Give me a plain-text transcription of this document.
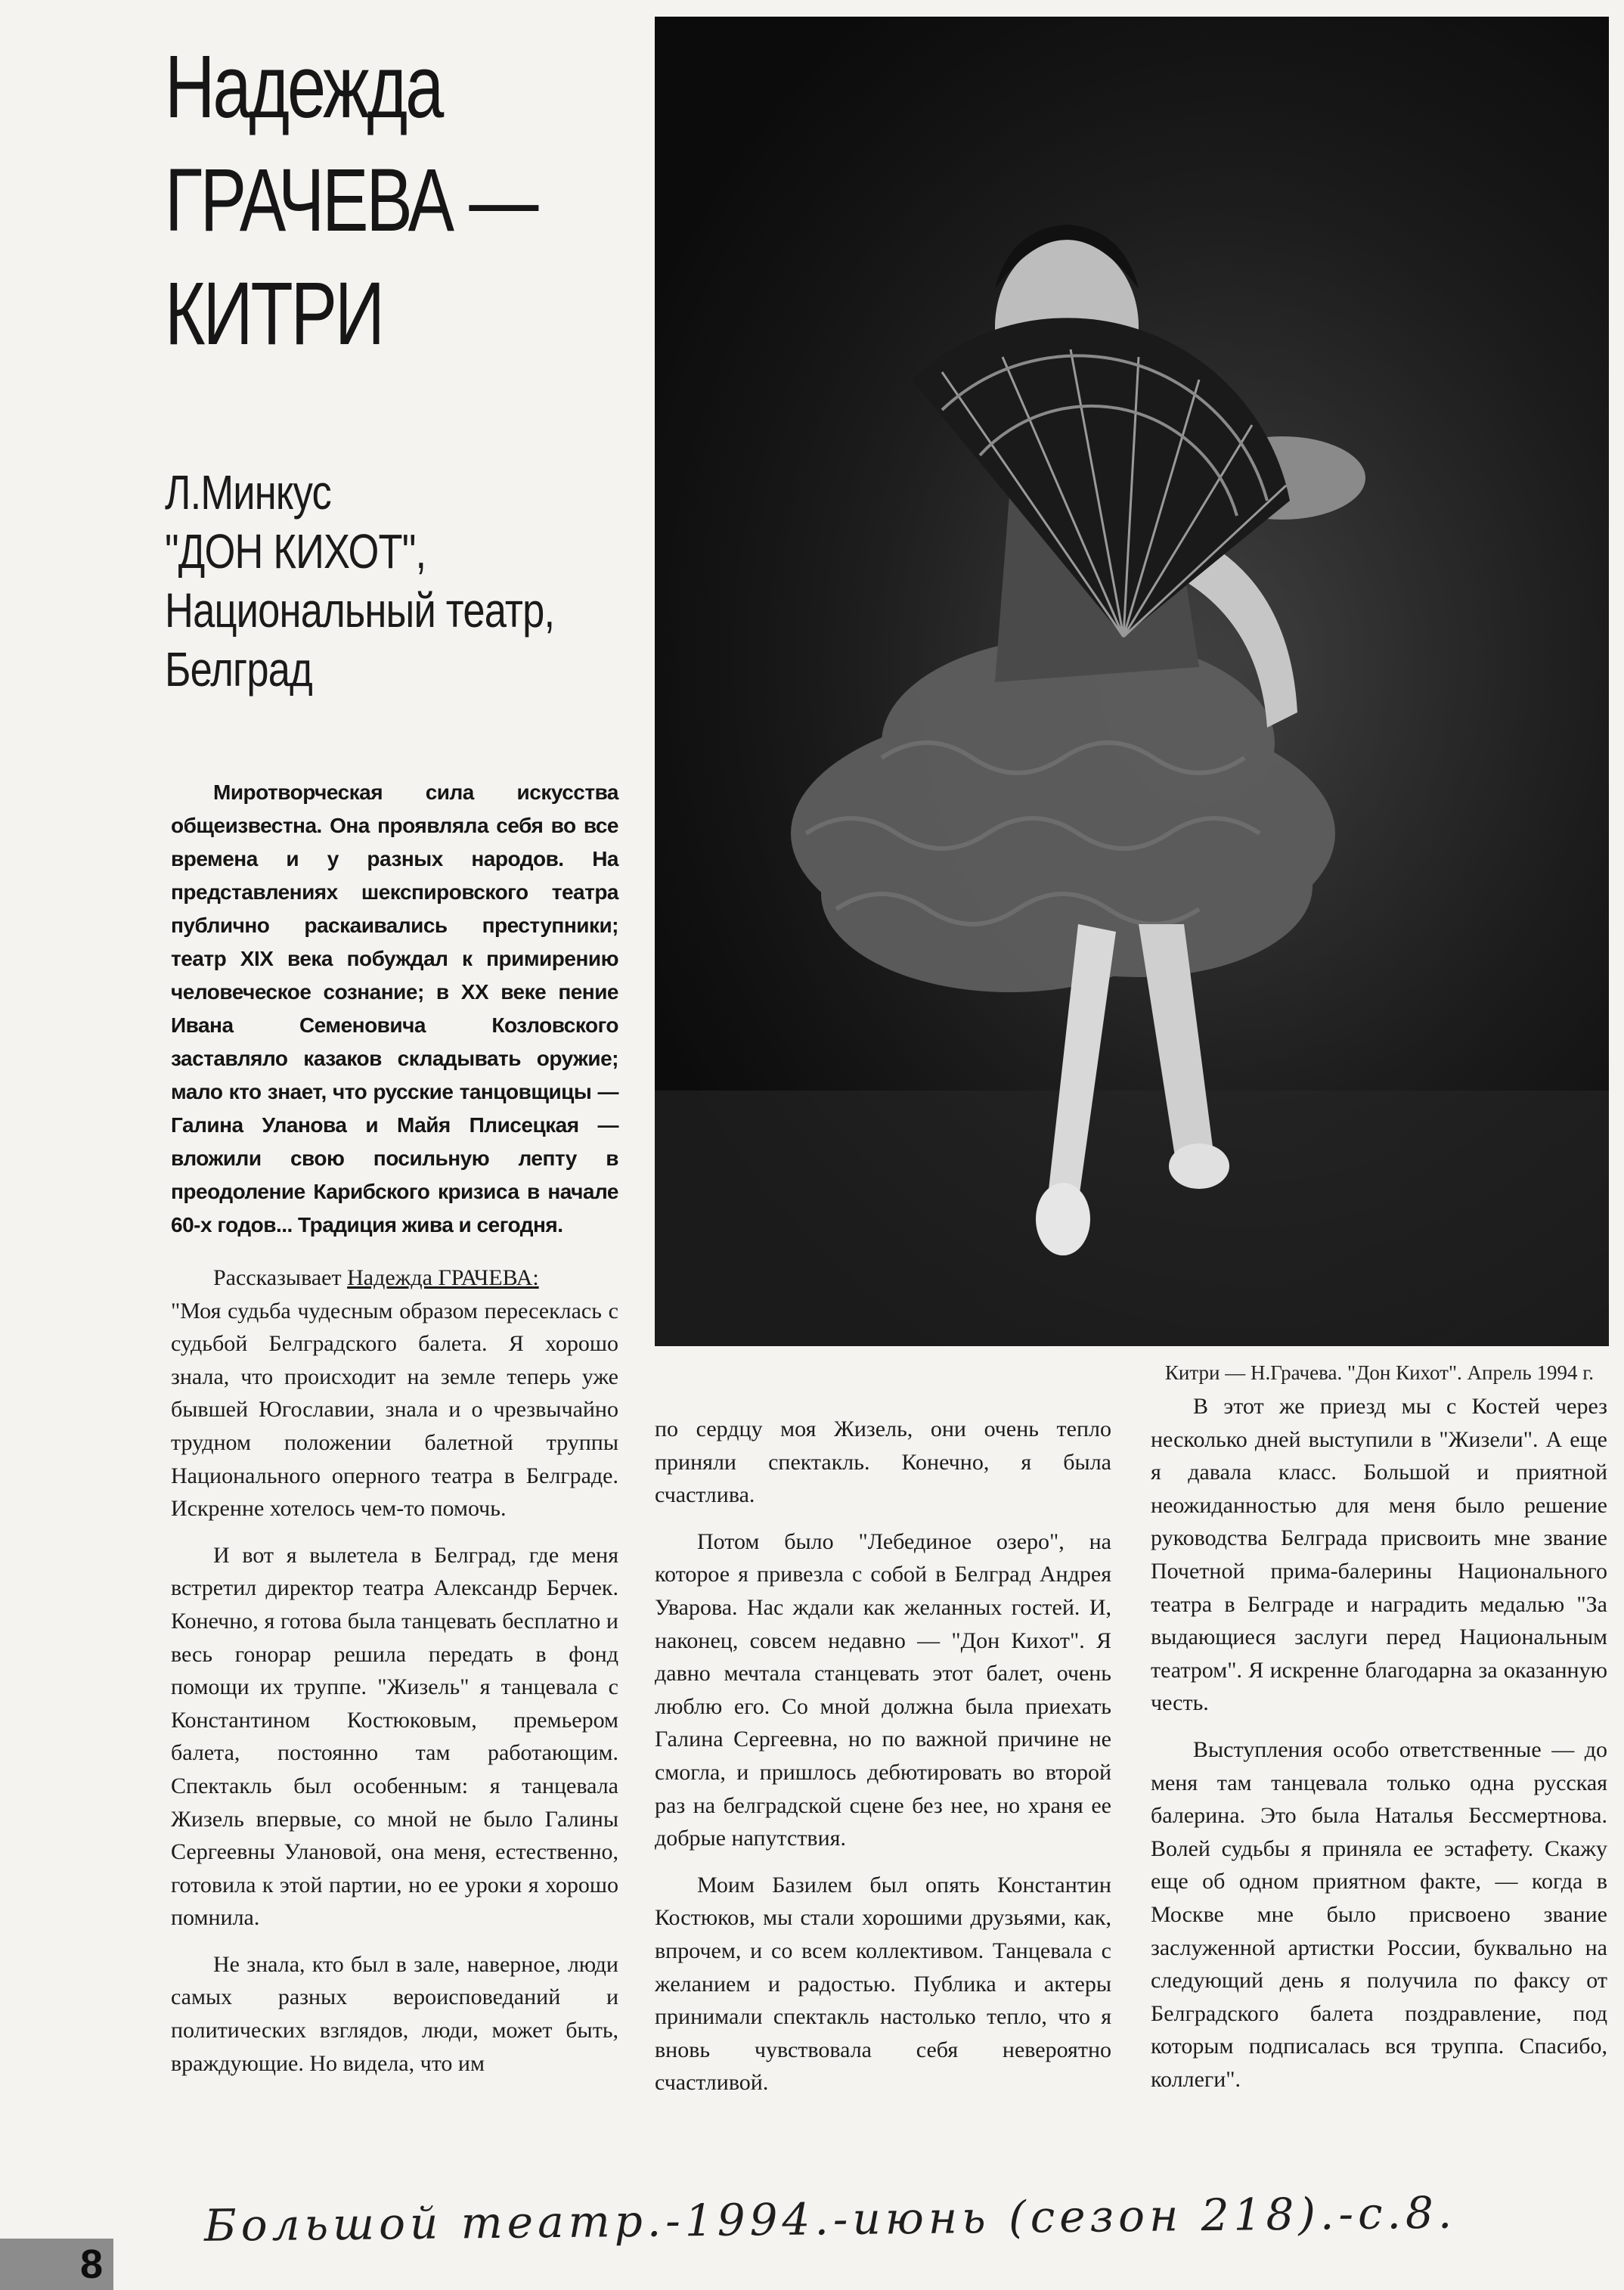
Надежда
ГРАЧЕВА —
КИТРИ
Л.Минкус
"ДОН КИХОТ",
Национальный театр,
Белград
Китри — Н.Грачева. "Дон Кихот". Апрель 1994 г.

Миротворческая сила искусства общеизвестна. Она проявляла себя во все времена и у разных народов. На представлениях шекспировского театра публично раскаивались преступники; театр XIX века побуждал к примирению человеческое сознание; в XX веке пение Ивана Семеновича Козловского заставляло казаков складывать оружие; мало кто знает, что русские танцовщицы — Галина Уланова и Майя Плисецкая — вложили свою посильную лепту в преодоление Карибского кризиса в начале 60-х годов... Традиция жива и сегодня.

Рассказывает Надежда ГРАЧЕВА:

"Моя судьба чудесным образом пересеклась с судьбой Белградского балета. Я хорошо знала, что происходит на земле теперь уже бывшей Югославии, знала и о чрезвычайно трудном положении балетной труппы Национального оперного театра в Белграде. Искренне хотелось чем-то помочь.

И вот я вылетела в Белград, где меня встретил директор театра Александр Берчек. Конечно, я готова была танцевать бесплатно и весь гонорар решила передать в фонд помощи их труппе. "Жизель" я танцевала с Константином Костюковым, премьером балета, постоянно там работающим. Спектакль был особенным: я танцевала Жизель впервые, со мной не было Галины Сергеевны Улановой, она меня, естественно, готовила к этой партии, но ее уроки я хорошо помнила.

Не знала, кто был в зале, наверное, люди самых разных вероисповеданий и политических взглядов, люди, может быть, враждующие. Но видела, что им

по сердцу моя Жизель, они очень тепло приняли спектакль. Конечно, я была счастлива.

Потом было "Лебединое озеро", на которое я привезла с собой в Белград Андрея Уварова. Нас ждали как желанных гостей. И, наконец, совсем недавно — "Дон Кихот". Я давно мечтала станцевать этот балет, очень люблю его. Со мной должна была приехать Галина Сергеевна, но по важной причине не смогла, и пришлось дебютировать во второй раз на белградской сцене без нее, но храня ее добрые напутствия.

Моим Базилем был опять Константин Костюков, мы стали хорошими друзьями, как, впрочем, и со всем коллективом. Танцевала с желанием и радостью. Публика и актеры принимали спектакль настолько тепло, что я вновь чувствовала себя невероятно счастливой.

В этот же приезд мы с Костей через несколько дней выступили в "Жизели". А еще я давала класс. Большой и приятной неожиданностью для меня было решение руководства Белграда присвоить мне звание Почетной прима-балерины Национального театра в Белграде и наградить медалью "За выдающиеся заслуги перед Национальным театром". Я искренне благодарна за оказанную честь.

Выступления особо ответственные — до меня там танцевала только одна русская балерина. Это была Наталья Бессмертнова. Волей судьбы я приняла ее эстафету. Скажу еще об одном приятном факте, — когда в Москве мне было присвоено звание заслуженной артистки России, буквально на следующий день я получила по факсу от Белградского балета поздравление, под которым подписалась вся труппа. Спасибо, коллеги".

Большой театр.-1994.-июнь (сезон 218).-с.8.
8
